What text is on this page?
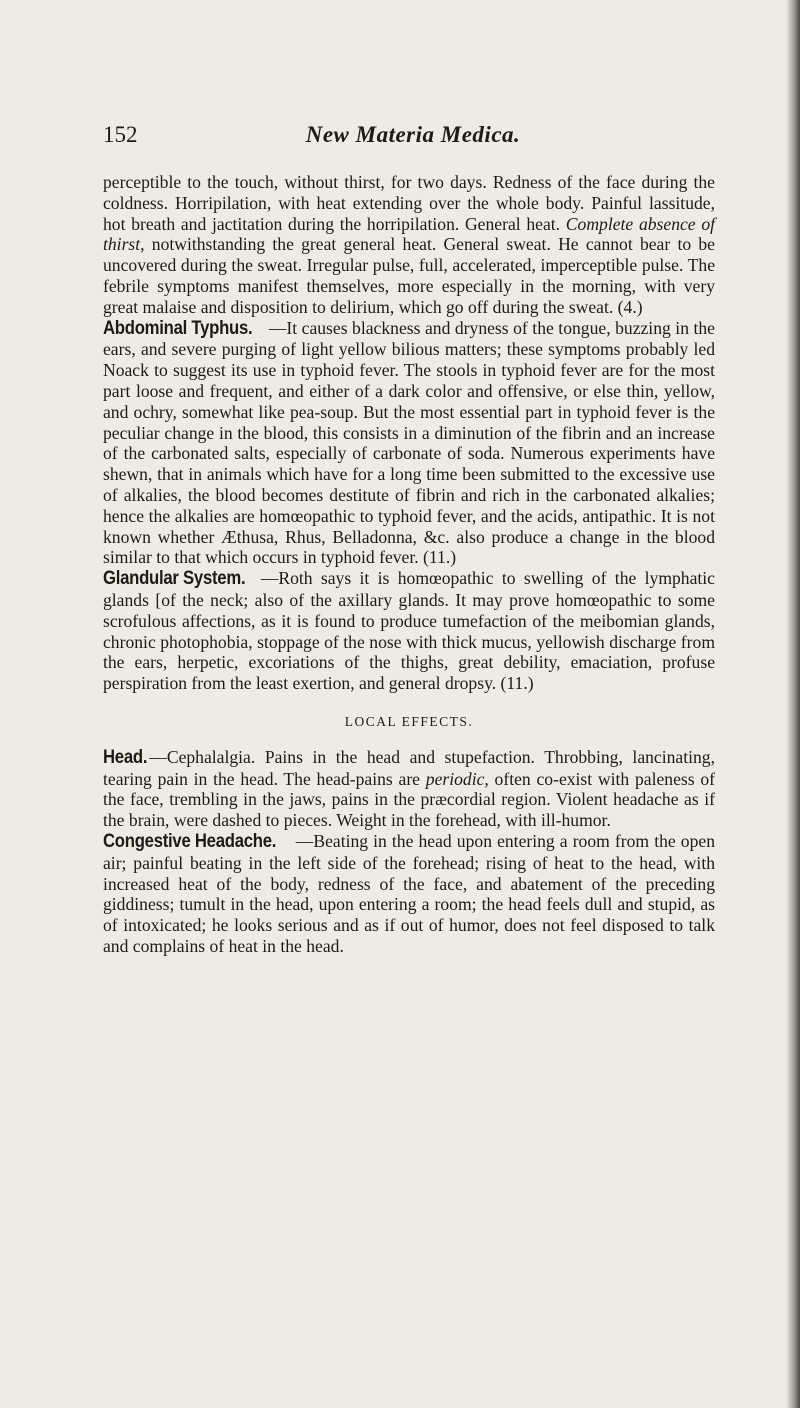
152	New Materia Medica.

perceptible to the touch, without thirst, for two days. Redness of the face during the coldness. Horripilation, with heat extending over the whole body. Painful lassitude, hot breath and jactitation during the horripilation. General heat. Complete absence of thirst, notwithstanding the great general heat. General sweat. He cannot bear to be uncovered during the sweat. Irregular pulse, full, accelerated, imperceptible pulse. The febrile symptoms manifest themselves, more especially in the morning, with very great malaise and disposition to delirium, which go off during the sweat. (4.)

Abdominal Typhus. —It causes blackness and dryness of the tongue, buzzing in the ears, and severe purging of light yellow bilious matters; these symptoms probably led Noack to suggest its use in typhoid fever. The stools in typhoid fever are for the most part loose and frequent, and either of a dark color and offensive, or else thin, yellow, and ochry, somewhat like pea-soup. But the most essential part in typhoid fever is the peculiar change in the blood, this consists in a diminution of the fibrin and an increase of the carbonated salts, especially of carbonate of soda. Numerous experiments have shewn, that in animals which have for a long time been submitted to the excessive use of alkalies, the blood becomes destitute of fibrin and rich in the carbonated alkalies; hence the alkalies are homœopathic to typhoid fever, and the acids, antipathic. It is not known whether Æthusa, Rhus, Belladonna, &c. also produce a change in the blood similar to that which occurs in typhoid fever. (11.)

Glandular System. —Roth says it is homœopathic to swelling of the lymphatic glands [of the neck; also of the axillary glands. It may prove homœopathic to some scrofulous affections, as it is found to produce tumefaction of the meibomian glands, chronic photophobia, stoppage of the nose with thick mucus, yellowish discharge from the ears, herpetic, excoriations of the thighs, great debility, emaciation, profuse perspiration from the least exertion, and general dropsy. (11.)

LOCAL EFFECTS.

Head. —Cephalalgia. Pains in the head and stupefaction. Throbbing, lancinating, tearing pain in the head. The head-pains are periodic, often co-exist with paleness of the face, trembling in the jaws, pains in the præcordial region. Violent headache as if the brain, were dashed to pieces. Weight in the forehead, with ill-humor.

Congestive Headache. —Beating in the head upon entering a room from the open air; painful beating in the left side of the forehead; rising of heat to the head, with increased heat of the body, redness of the face, and abatement of the preceding giddiness; tumult in the head, upon entering a room; the head feels dull and stupid, as of intoxicated; he looks serious and as if out of humor, does not feel disposed to talk and complains of heat in the head.
